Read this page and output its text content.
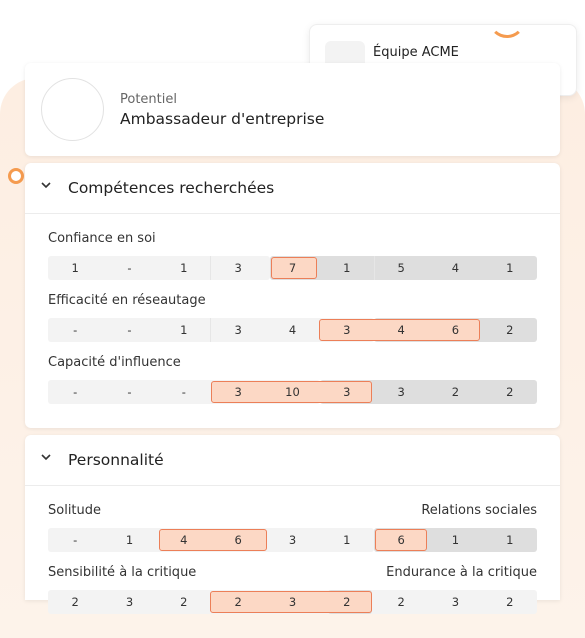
Équipe ACME
Potentiel
Ambassadeur d'entreprise
Compétences recherchées
Confiance en soi
1	-	1	3	7	1	5	4	1
Efficacité en réseautage
-	-	1	3	4	3	4	6	2
Capacité d'influence
-	-	-	3	10	3	3	2	2
Personnalité
Solitude	Relations sociales
-	1	4	6	3	1	6	1	1
Sensibilité à la critique	Endurance à la critique
2	3	2	2	3	2	2	3	2
